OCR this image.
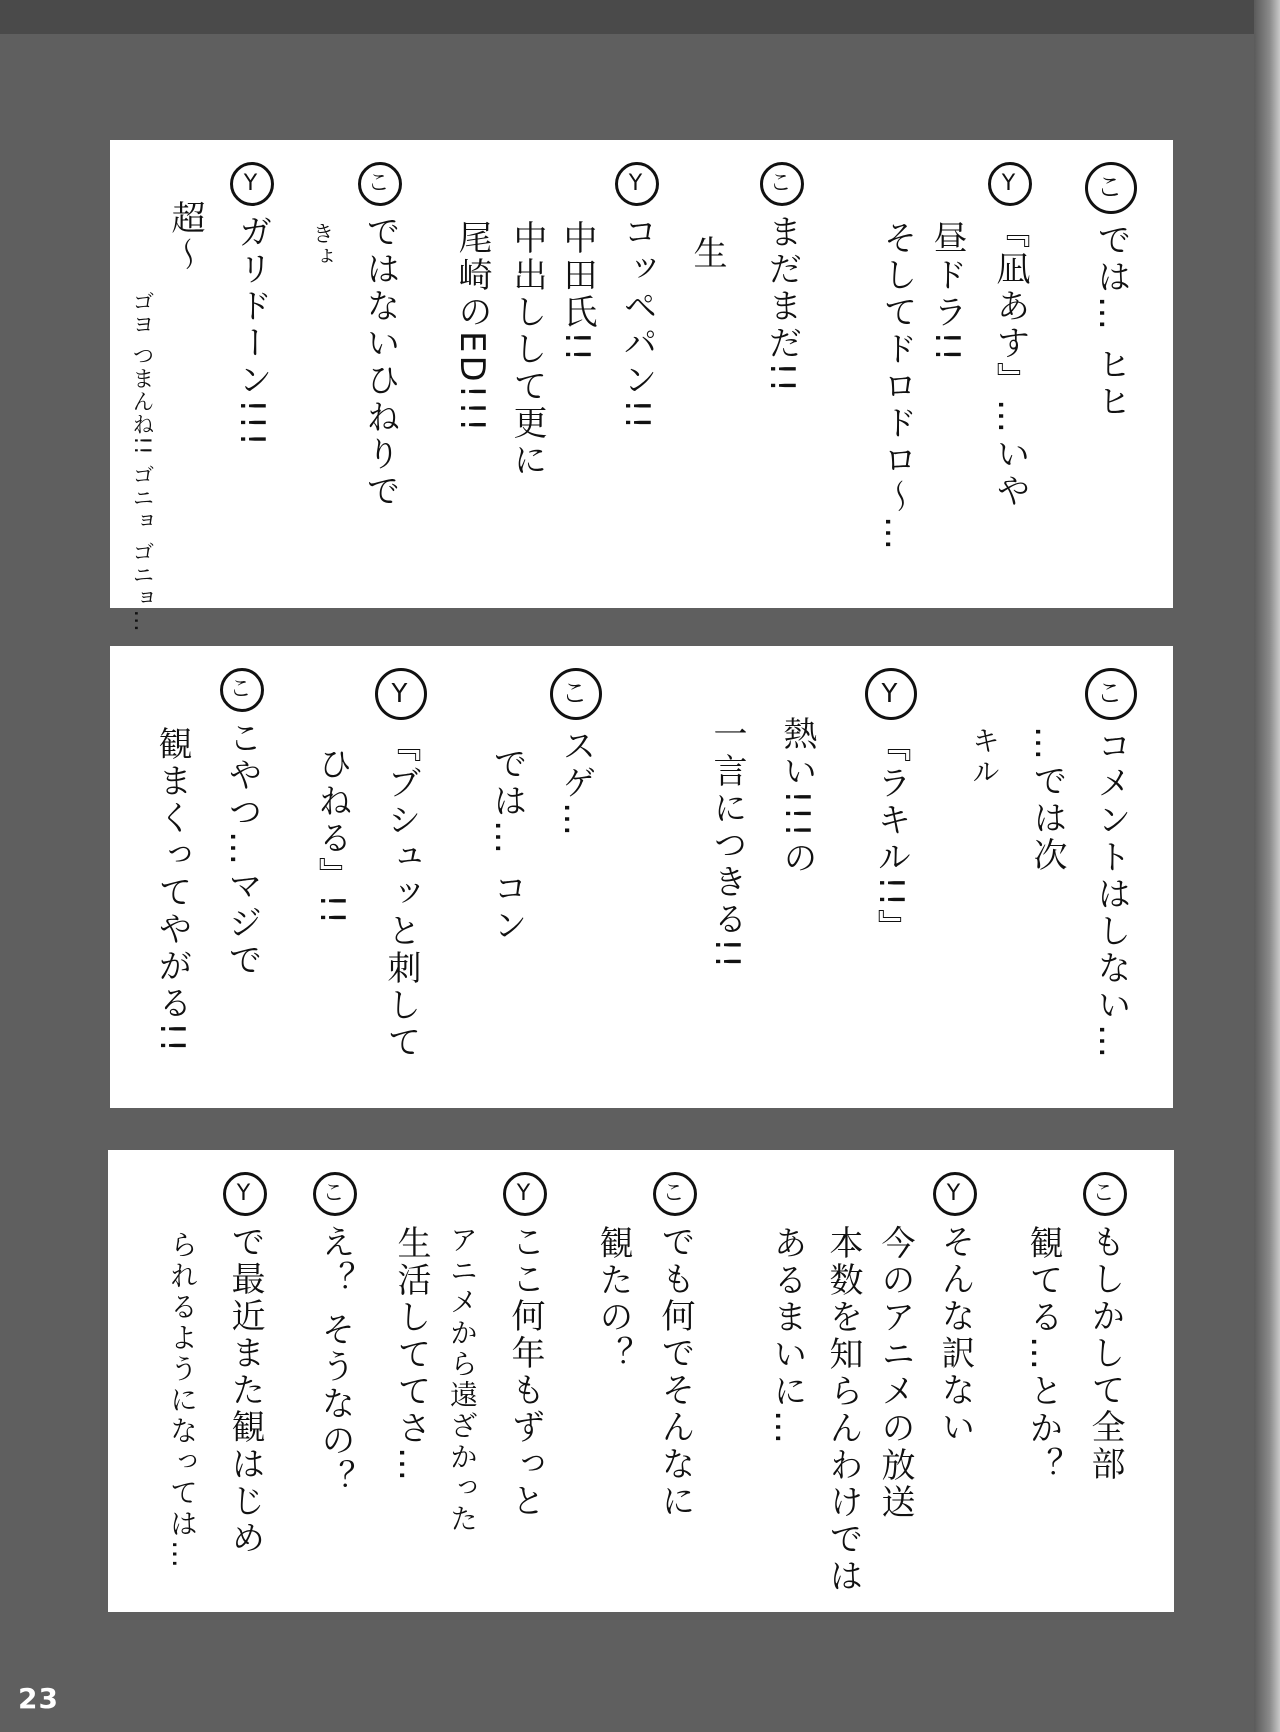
こでは… ヒヒ
Y『凪あす』…いや
昼ドラ!!
そしてドロドロ～…
こまだまだ!!
生
Yコッペパン!!
中田氏!!
中出しして更に
尾崎のED!!!
こではないひねりで
きょ
Yガリドーン!!!
超～
ゴヨ つまんね!! ゴニョ ゴニョ…
こコメントはしない…
…では次
キル
Y『ラキル!!』
熱い!!!の
一言につきる!!
こスゲ…
では… コン
Y『ブシュッと刺して
ひねる』!!
ここやつ…マジで
観まくってやがる!!
こもしかして全部
観てる…とか？
Yそんな訳ない
今のアニメの放送
本数を知らんわけでは
あるまいに…
こでも何でそんなに
観たの？
Yここ何年もずっと
アニメから遠ざかった
生活しててさ…
こえ？ そうなの？
Yで最近また観はじめ
られるようになっては…
23
